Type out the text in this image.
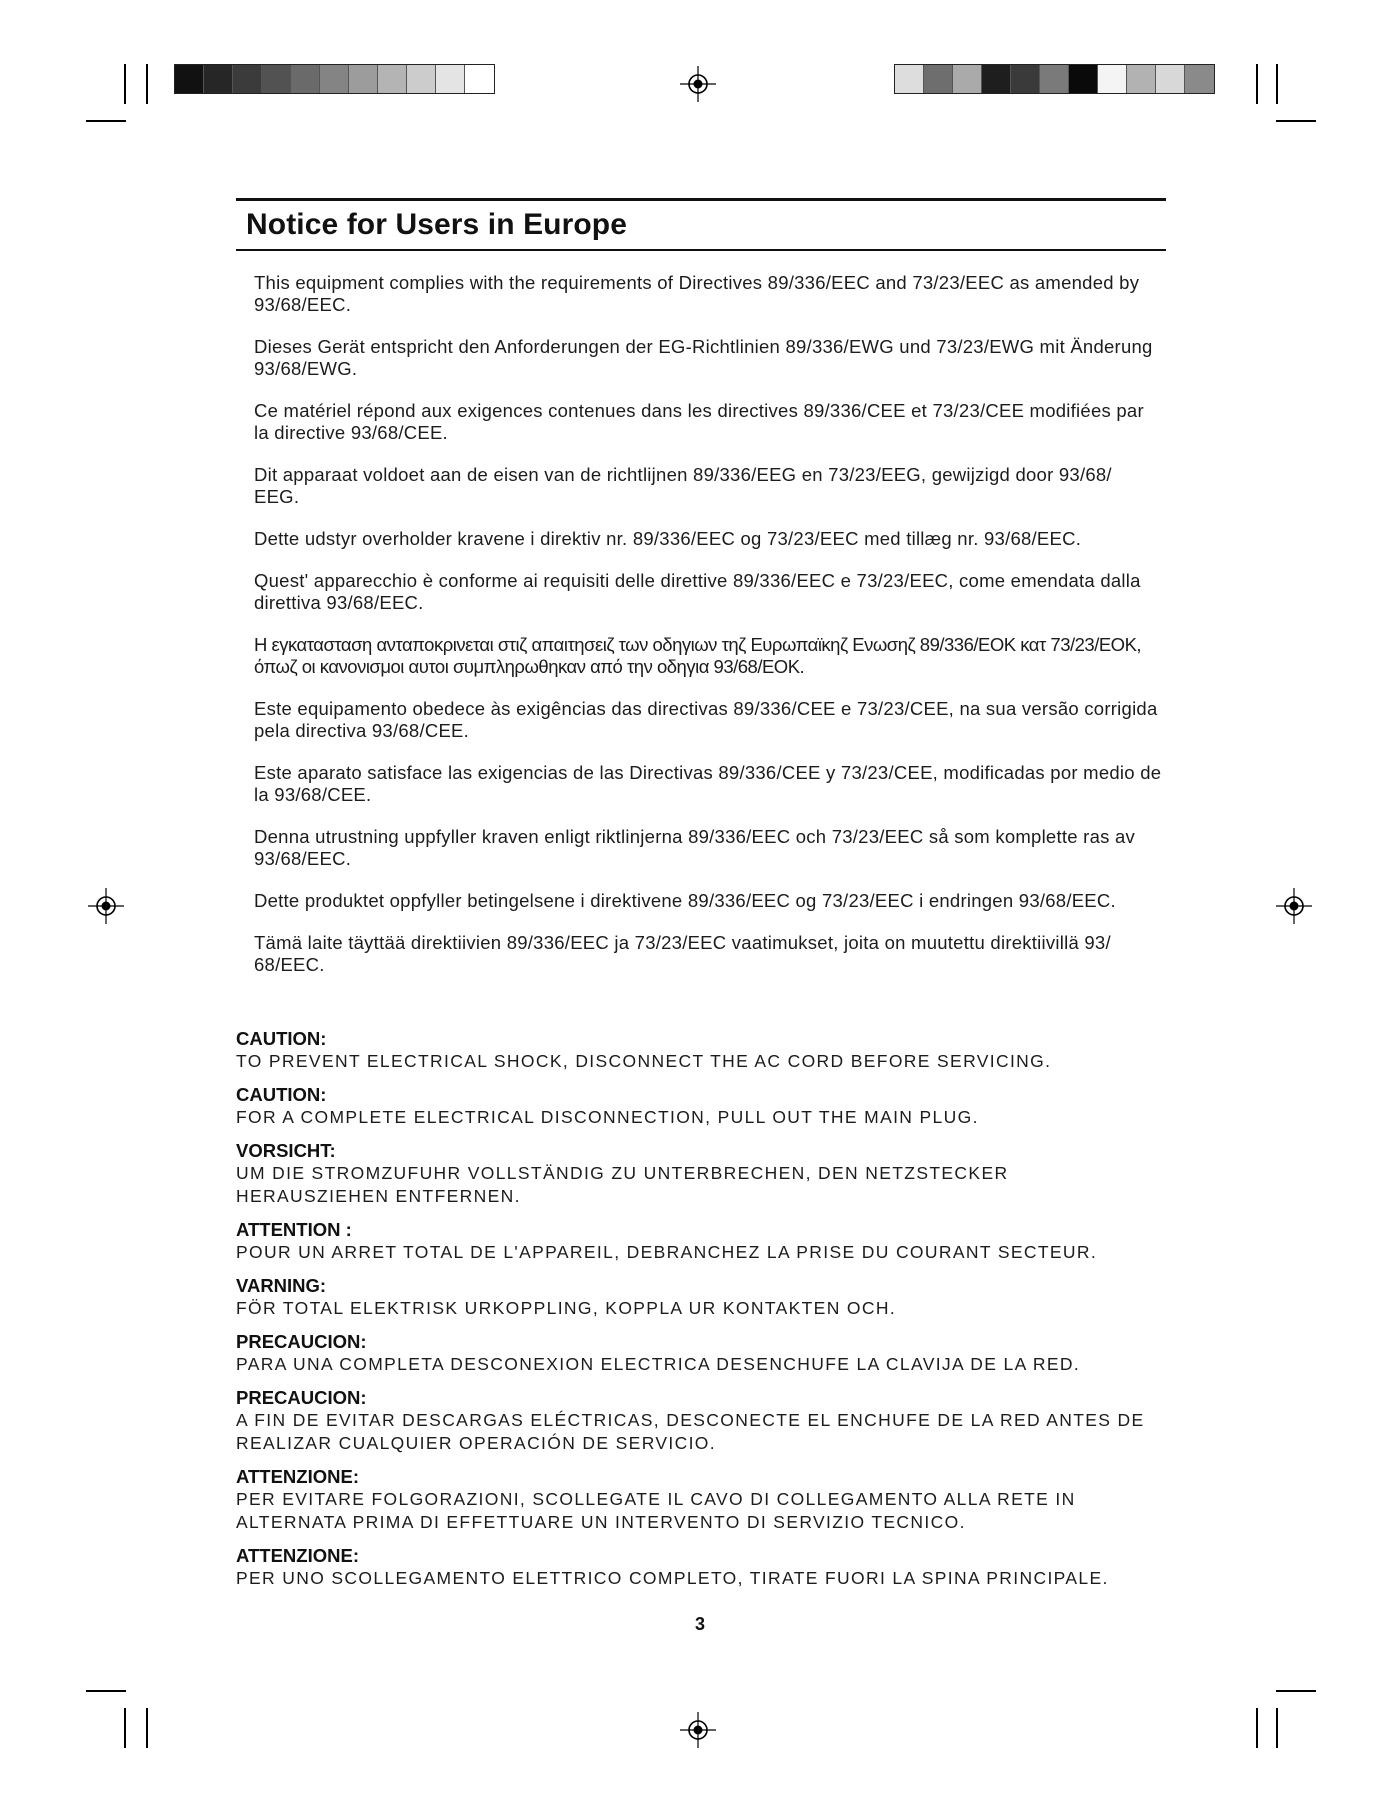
Notice for Users in Europe

This equipment complies with the requirements of Directives 89/336/EEC and 73/23/EEC as amended by 93/68/EEC.

Dieses Gerät entspricht den Anforderungen der EG-Richtlinien 89/336/EWG und 73/23/EWG mit Änderung 93/68/EWG.

Ce matériel répond aux exigences contenues dans les directives 89/336/CEE et 73/23/CEE modifiées par la directive 93/68/CEE.

Dit apparaat voldoet aan de eisen van de richtlijnen 89/336/EEG en 73/23/EEG, gewijzigd door 93/68/ EEG.

Dette udstyr overholder kravene i direktiv nr. 89/336/EEC og 73/23/EEC med tillæg nr. 93/68/EEC.

Quest' apparecchio è conforme ai requisiti delle direttive 89/336/EEC e 73/23/EEC, come emendata dalla direttiva 93/68/EEC.

Η εγκατασταση ανταποκρινεται στιζ απαιτησειζ των οδηγιων τηζ Ευρωπαϊκηζ Ενωσηζ 89/336/ΕΟΚ κατ 73/23/ΕΟΚ, όπωζ οι κανονισμοι αυτοι συμπληρωθηκαν από την οδηγια 93/68/ΕΟΚ.

Este equipamento obedece às exigências das directivas 89/336/CEE e 73/23/CEE, na sua versão corrigida pela directiva 93/68/CEE.

Este aparato satisface las exigencias de las Directivas 89/336/CEE y 73/23/CEE, modificadas por medio de la 93/68/CEE.

Denna utrustning uppfyller kraven enligt riktlinjerna 89/336/EEC och 73/23/EEC så som komplette ras av 93/68/EEC.

Dette produktet oppfyller betingelsene i direktivene 89/336/EEC og 73/23/EEC i endringen 93/68/EEC.

Tämä laite täyttää direktiivien 89/336/EEC ja 73/23/EEC vaatimukset, joita on muutettu direktiivillä 93/ 68/EEC.

CAUTION:
TO PREVENT ELECTRICAL SHOCK, DISCONNECT THE AC CORD BEFORE SERVICING.
CAUTION:
FOR A COMPLETE ELECTRICAL DISCONNECTION, PULL OUT THE MAIN PLUG.
VORSICHT:
UM DIE STROMZUFUHR VOLLSTÄNDIG ZU UNTERBRECHEN, DEN NETZSTECKER HERAUSZIEHEN ENTFERNEN.
ATTENTION :
POUR UN ARRET TOTAL DE L'APPAREIL, DEBRANCHEZ LA PRISE DU COURANT SECTEUR.
VARNING:
FÖR TOTAL ELEKTRISK URKOPPLING, KOPPLA UR KONTAKTEN OCH.
PRECAUCION:
PARA UNA COMPLETA DESCONEXION ELECTRICA DESENCHUFE LA CLAVIJA DE LA RED.
PRECAUCION:
A FIN DE EVITAR DESCARGAS ELÉCTRICAS, DESCONECTE EL ENCHUFE DE LA RED ANTES DE REALIZAR CUALQUIER OPERACIÓN DE SERVICIO.
ATTENZIONE:
PER EVITARE FOLGORAZIONI, SCOLLEGATE IL CAVO DI COLLEGAMENTO ALLA RETE IN ALTERNATA PRIMA DI EFFETTUARE UN INTERVENTO DI SERVIZIO TECNICO.
ATTENZIONE:
PER UNO SCOLLEGAMENTO ELETTRICO COMPLETO, TIRATE FUORI LA SPINA PRINCIPALE.
3
